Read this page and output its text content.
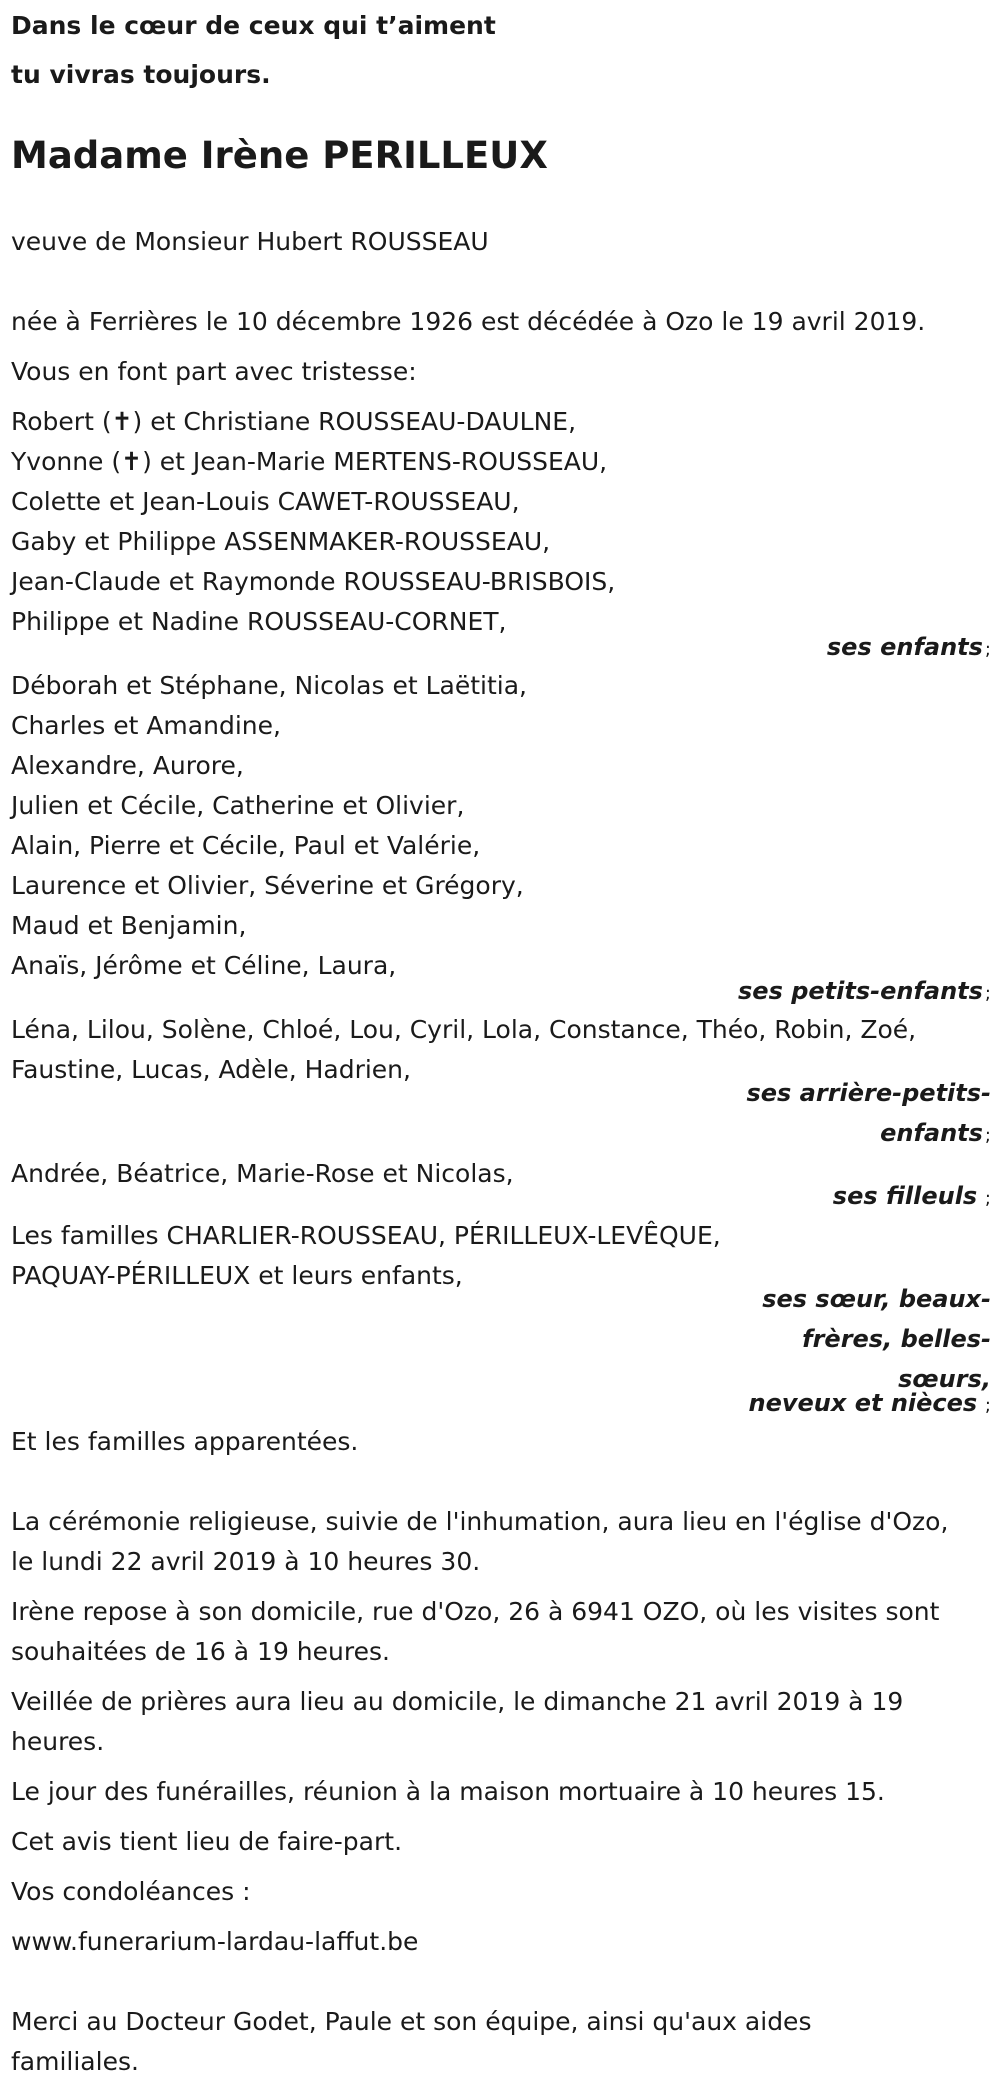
Dans le cœur de ceux qui t’aiment

tu vivras toujours.

Madame Irène PERILLEUX

veuve de Monsieur Hubert ROUSSEAU

née à Ferrières le 10 décembre 1926 est décédée à Ozo le 19 avril 2019.

Vous en font part avec tristesse:

Robert (✝) et Christiane ROUSSEAU-DAULNE,

Yvonne (✝) et Jean-Marie MERTENS-ROUSSEAU,

Colette et Jean-Louis CAWET-ROUSSEAU,

Gaby et Philippe ASSENMAKER-ROUSSEAU,

Jean-Claude et Raymonde ROUSSEAU-BRISBOIS,

Philippe et Nadine ROUSSEAU-CORNET,

ses enfants ;

Déborah et Stéphane, Nicolas et Laëtitia,

Charles et Amandine,

Alexandre, Aurore,

Julien et Cécile, Catherine et Olivier,

Alain, Pierre et Cécile, Paul et Valérie,

Laurence et Olivier, Séverine et Grégory,

Maud et Benjamin,

Anaïs, Jérôme et Céline, Laura,

ses petits-enfants ;

Léna, Lilou, Solène, Chloé, Lou, Cyril, Lola, Constance, Théo, Robin, Zoé,

Faustine, Lucas, Adèle, Hadrien,

ses arrière-petits-
enfants ;

Andrée, Béatrice, Marie-Rose et Nicolas,

ses filleuls ;

Les familles CHARLIER-ROUSSEAU, PÉRILLEUX-LEVÊQUE,

PAQUAY-PÉRILLEUX et leurs enfants,

ses sœur, beaux-
frères, belles-
sœurs,
neveux et nièces ;

Et les familles apparentées.

La cérémonie religieuse, suivie de l'inhumation, aura lieu en l'église d'Ozo,

le lundi 22 avril 2019 à 10 heures 30.

Irène repose à son domicile, rue d'Ozo, 26 à 6941 OZO, où les visites sont

souhaitées de 16 à 19 heures.

Veillée de prières aura lieu au domicile, le dimanche 21 avril 2019 à 19

heures.

Le jour des funérailles, réunion à la maison mortuaire à 10 heures 15.

Cet avis tient lieu de faire-part.

Vos condoléances :

www.funerarium-lardau-laffut.be

Merci au Docteur Godet, Paule et son équipe, ainsi qu'aux aides

familiales.
